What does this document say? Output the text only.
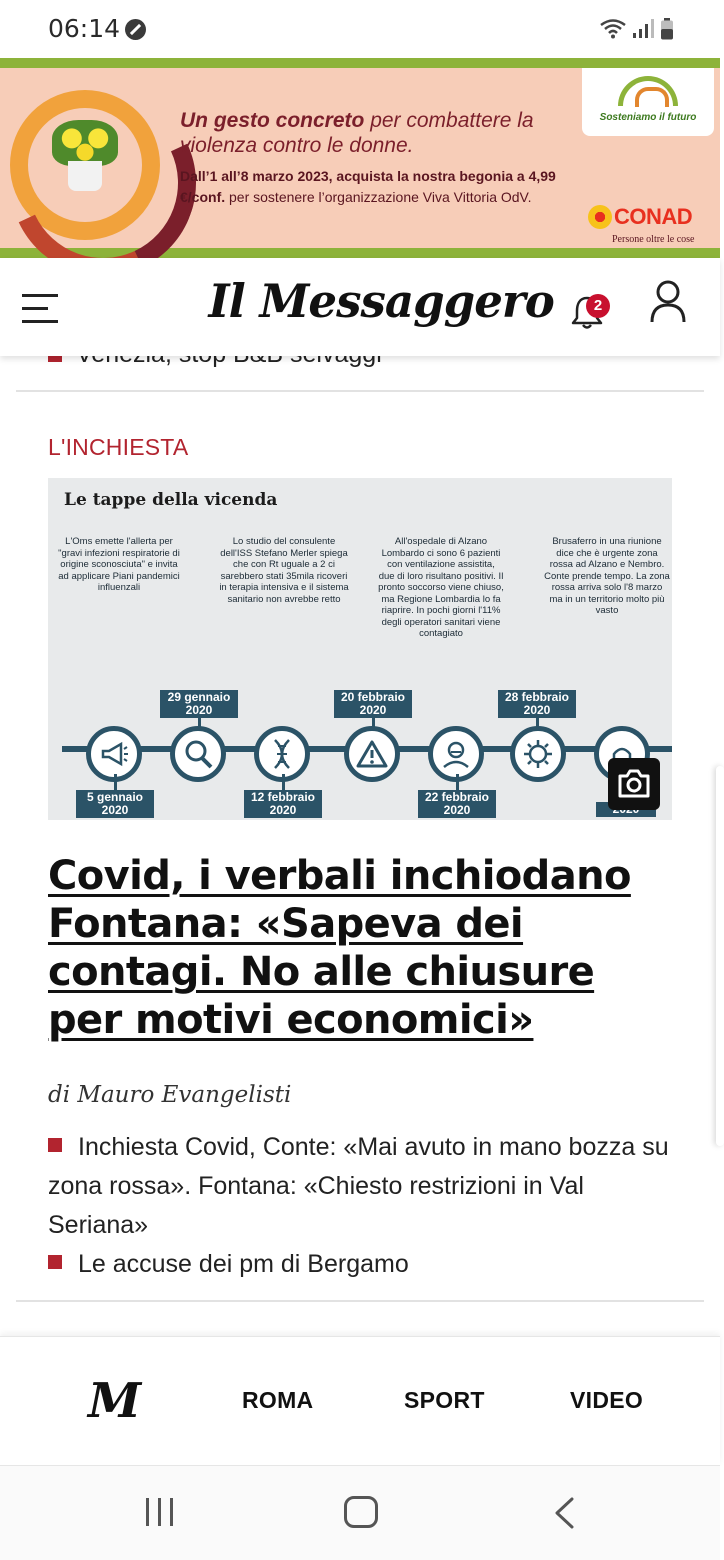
06:14
Un gesto concreto per combattere la violenza contro le donne.
Dall’1 all’8 marzo 2023, acquista la nostra begonia a 4,99 €/conf. per sostenere l’organizzazione Viva Vittoria OdV.
Sosteniamo il futuro
CONAD
Persone oltre le cose
Il Messaggero	2
L'INCHIESTA
Le tappe della vicenda
L'Oms emette l'allerta per "gravi infezioni respiratorie di origine sconosciuta" e invita ad applicare Piani pandemici influenzali
Lo studio del consulente dell'ISS Stefano Merler spiega che con Rt uguale a 2 ci sarebbero stati 35mila ricoveri in terapia intensiva e il sistema sanitario non avrebbe retto
All'ospedale di Alzano Lombardo ci sono 6 pazienti con ventilazione assistita, due di loro risultano positivi. Il pronto soccorso viene chiuso, ma Regione Lombardia lo fa riaprire. In pochi giorni l'11% degli operatori sanitari viene contagiato
Brusaferro in una riunione dice che è urgente zona rossa ad Alzano e Nembro. Conte prende tempo. La zona rossa arriva solo l'8 marzo ma in un territorio molto più vasto
29 gennaio 2020
20 febbraio 2020
28 febbraio 2020
5 gennaio 2020
12 febbraio 2020
22 febbraio 2020
Covid, i verbali inchiodano Fontana: «Sapeva dei contagi. No alle chiusure per motivi economici»
di Mauro Evangelisti
Inchiesta Covid, Conte: «Mai avuto in mano bozza su zona rossa». Fontana: «Chiesto restrizioni in Val Seriana»
Le accuse dei pm di Bergamo
M	ROMA	SPORT	VIDEO
